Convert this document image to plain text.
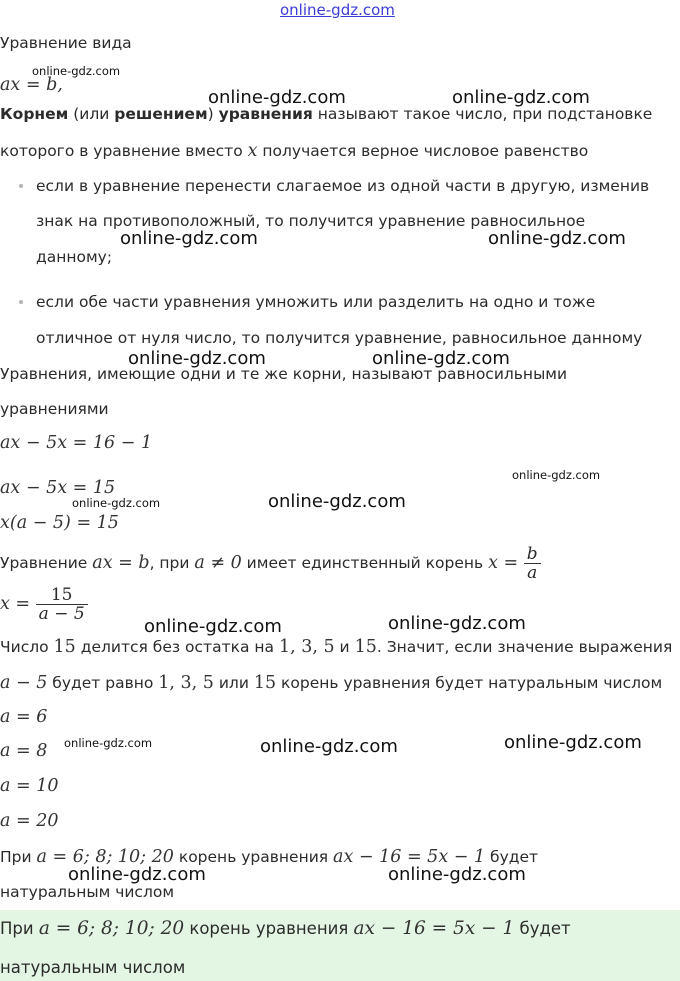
online-gdz.com
Уравнение вида
ax = b,
Корнем (или решением) уравнения называют такое число, при подстановке
которого в уравнение вместо x получается верное числовое равенство
если в уравнение перенести слагаемое из одной части в другую, изменив
знак на противоположный, то получится уравнение равносильное
данному;
если обе части уравнения умножить или разделить на одно и тоже
отличное от нуля число, то получится уравнение, равносильное данному
Уравнения, имеющие одни и те же корни, называют равносильными
уравнениями
ax − 5x = 16 − 1
ax − 5x = 15
x(a − 5) = 15
Уравнение ax = b, при a ≠ 0 имеет единственный корень $x = \frac{b}{a}$
$x = \frac{15}{a - 5}$
Число 15 делится без остатка на 1, 3, 5 и 15. Значит, если значение выражения
a − 5 будет равно 1, 3, 5 или 15 корень уравнения будет натуральным числом
a = 6
a = 8
a = 10
a = 20
При a = 6; 8; 10; 20 корень уравнения ax − 16 = 5x − 1 будет
натуральным числом
При a = 6; 8; 10; 20 корень уравнения ax − 16 = 5x − 1 будет
натуральным числом
online-gdz.com
online-gdz.com	online-gdz.com
online-gdz.com	online-gdz.com
online-gdz.com	online-gdz.com
online-gdz.com
online-gdz.com	online-gdz.com
online-gdz.com	online-gdz.com
online-gdz.com	online-gdz.com	online-gdz.com
online-gdz.com	online-gdz.com
